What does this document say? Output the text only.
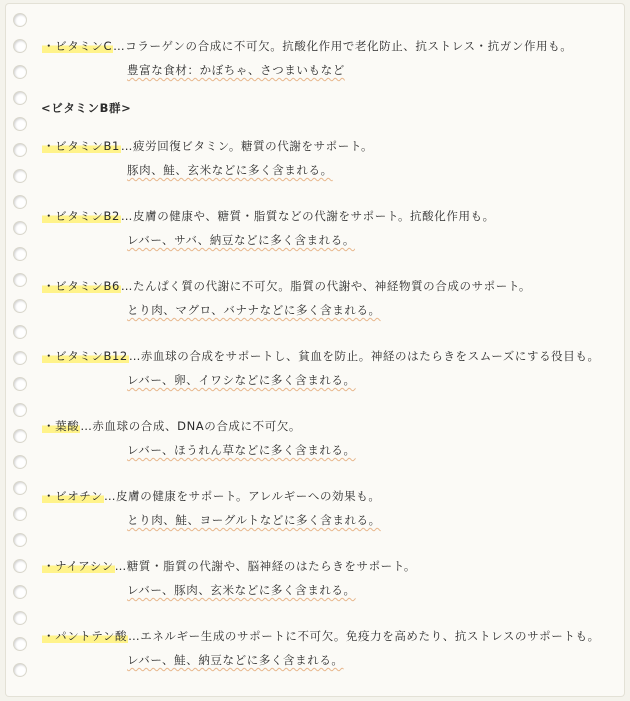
・ビタミンC…コラーゲンの合成に不可欠。抗酸化作用で老化防止、抗ストレス・抗ガン作用も。
豊富な食材：かぼちゃ、さつまいもなど
<ビタミンB群>
・ビタミンB1…疲労回復ビタミン。糖質の代謝をサポート。
豚肉、鮭、玄米などに多く含まれる。
・ビタミンB2…皮膚の健康や、糖質・脂質などの代謝をサポート。抗酸化作用も。
レバー、サバ、納豆などに多く含まれる。
・ビタミンB6…たんぱく質の代謝に不可欠。脂質の代謝や、神経物質の合成のサポート。
とり肉、マグロ、バナナなどに多く含まれる。
・ビタミンB12…赤血球の合成をサポートし、貧血を防止。神経のはたらきをスムーズにする役目も。
レバー、卵、イワシなどに多く含まれる。
・葉酸…赤血球の合成、DNAの合成に不可欠。
レバー、ほうれん草などに多く含まれる。
・ビオチン…皮膚の健康をサポート。アレルギーへの効果も。
とり肉、鮭、ヨーグルトなどに多く含まれる。
・ナイアシン…糖質・脂質の代謝や、脳神経のはたらきをサポート。
レバー、豚肉、玄米などに多く含まれる。
・パントテン酸…エネルギー生成のサポートに不可欠。免疫力を高めたり、抗ストレスのサポートも。
レバー、鮭、納豆などに多く含まれる。
